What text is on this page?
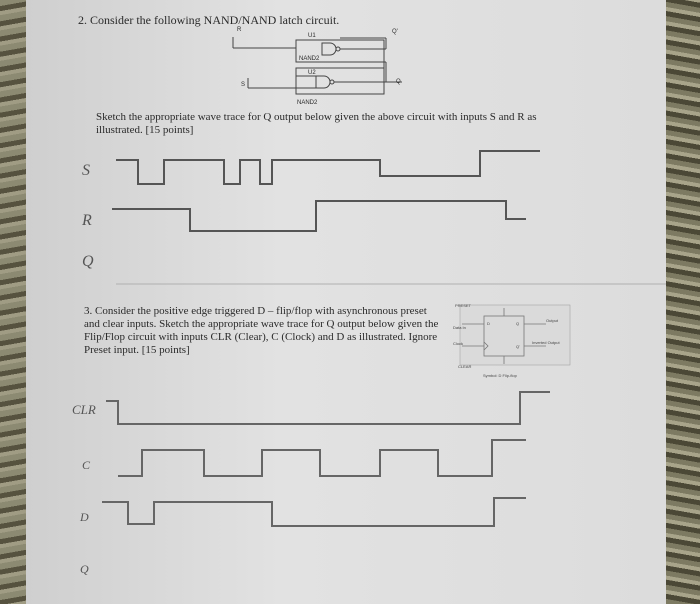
2. Consider the following NAND/NAND latch circuit.
R
S
U1
NAND2
U2
NAND2
Q'
Q
Sketch the appropriate wave trace for Q output below given the above circuit with inputs S and R as
illustrated. [15 points]
S
R
Q
3. Consider the positive edge triggered D – flip/flop with asynchronous preset and clear inputs. Sketch the appropriate wave trace for Q output below given the Flip/Flop circuit with inputs CLR (Clear), C (Clock) and D as illustrated. Ignore Preset input. [15 points]
PRESET
Data In
Clock
CLEAR
D	Q
Q'
Output
Inverted Output
Symbol: D Flip-flop
CLR
C
D
Q
